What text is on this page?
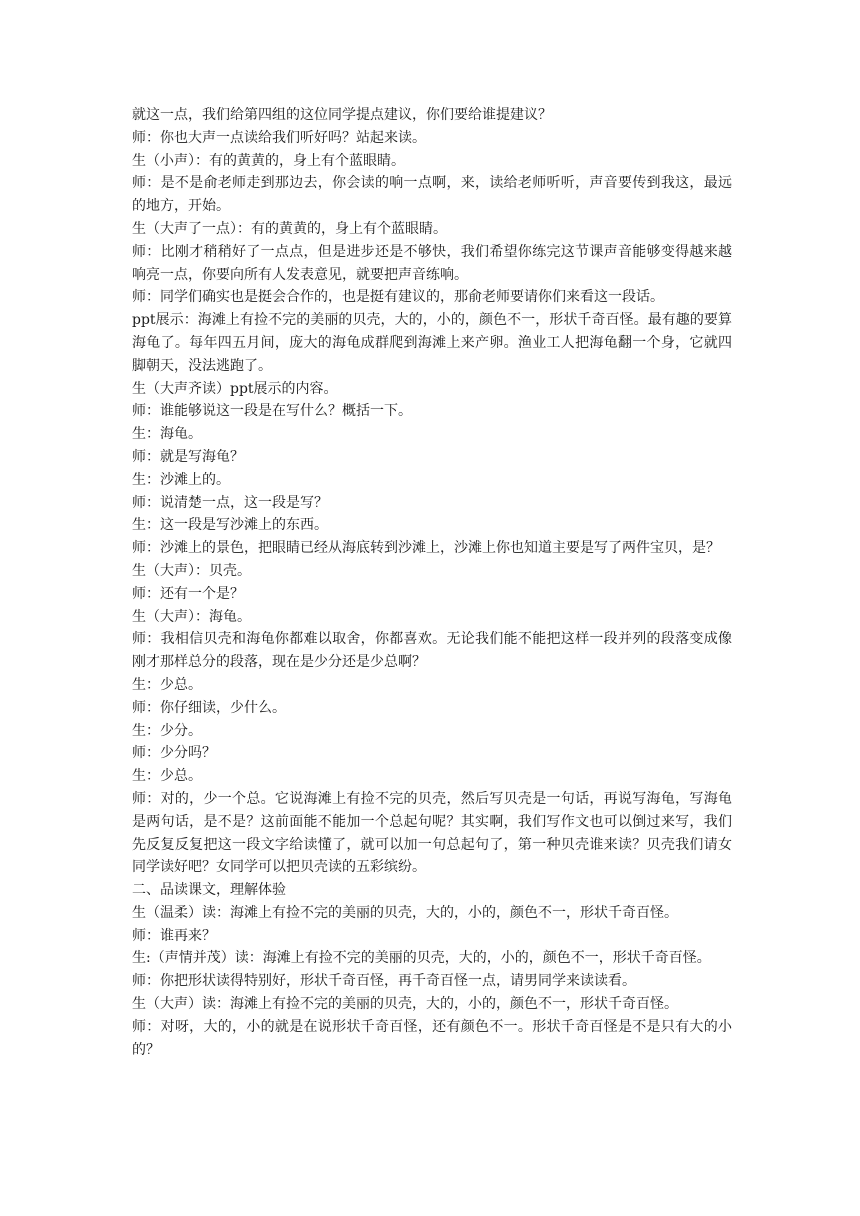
就这一点，我们给第四组的这位同学提点建议，你们要给谁提建议？

师：你也大声一点读给我们听好吗？站起来读。

生（小声）：有的黄黄的，身上有个蓝眼睛。

师：是不是俞老师走到那边去，你会读的响一点啊，来，读给老师听听，声音要传到我这，最远的地方，开始。

生（大声了一点）：有的黄黄的，身上有个蓝眼睛。

师：比刚才稍稍好了一点点，但是进步还是不够快，我们希望你练完这节课声音能够变得越来越响亮一点，你要向所有人发表意见，就要把声音练响。

师：同学们确实也是挺会合作的，也是挺有建议的，那俞老师要请你们来看这一段话。

ppt展示：海滩上有捡不完的美丽的贝壳，大的，小的，颜色不一，形状千奇百怪。最有趣的要算海龟了。每年四五月间，庞大的海龟成群爬到海滩上来产卵。渔业工人把海龟翻一个身，它就四脚朝天，没法逃跑了。

生（大声齐读）ppt展示的内容。

师：谁能够说这一段是在写什么？概括一下。

生：海龟。

师：就是写海龟？

生：沙滩上的。

师：说清楚一点，这一段是写？

生：这一段是写沙滩上的东西。

师：沙滩上的景色，把眼睛已经从海底转到沙滩上，沙滩上你也知道主要是写了两件宝贝，是？

生（大声）：贝壳。

师：还有一个是？

生（大声）：海龟。

师：我相信贝壳和海龟你都难以取舍，你都喜欢。无论我们能不能把这样一段并列的段落变成像刚才那样总分的段落，现在是少分还是少总啊？

生：少总。

师：你仔细读，少什么。

生：少分。

师：少分吗？

生：少总。

师：对的，少一个总。它说海滩上有捡不完的贝壳，然后写贝壳是一句话，再说写海龟，写海龟是两句话，是不是？这前面能不能加一个总起句呢？其实啊，我们写作文也可以倒过来写，我们先反复反复把这一段文字给读懂了，就可以加一句总起句了，第一种贝壳谁来读？贝壳我们请女同学读好吧？女同学可以把贝壳读的五彩缤纷。

二、品读课文，理解体验

生（温柔）读：海滩上有捡不完的美丽的贝壳，大的，小的，颜色不一，形状千奇百怪。

师：谁再来？

生:（声情并茂）读：海滩上有捡不完的美丽的贝壳，大的，小的，颜色不一，形状千奇百怪。

师：你把形状读得特别好，形状千奇百怪，再千奇百怪一点，请男同学来读读看。

生（大声）读：海滩上有捡不完的美丽的贝壳，大的，小的，颜色不一，形状千奇百怪。

师：对呀，大的，小的就是在说形状千奇百怪，还有颜色不一。形状千奇百怪是不是只有大的小的？
